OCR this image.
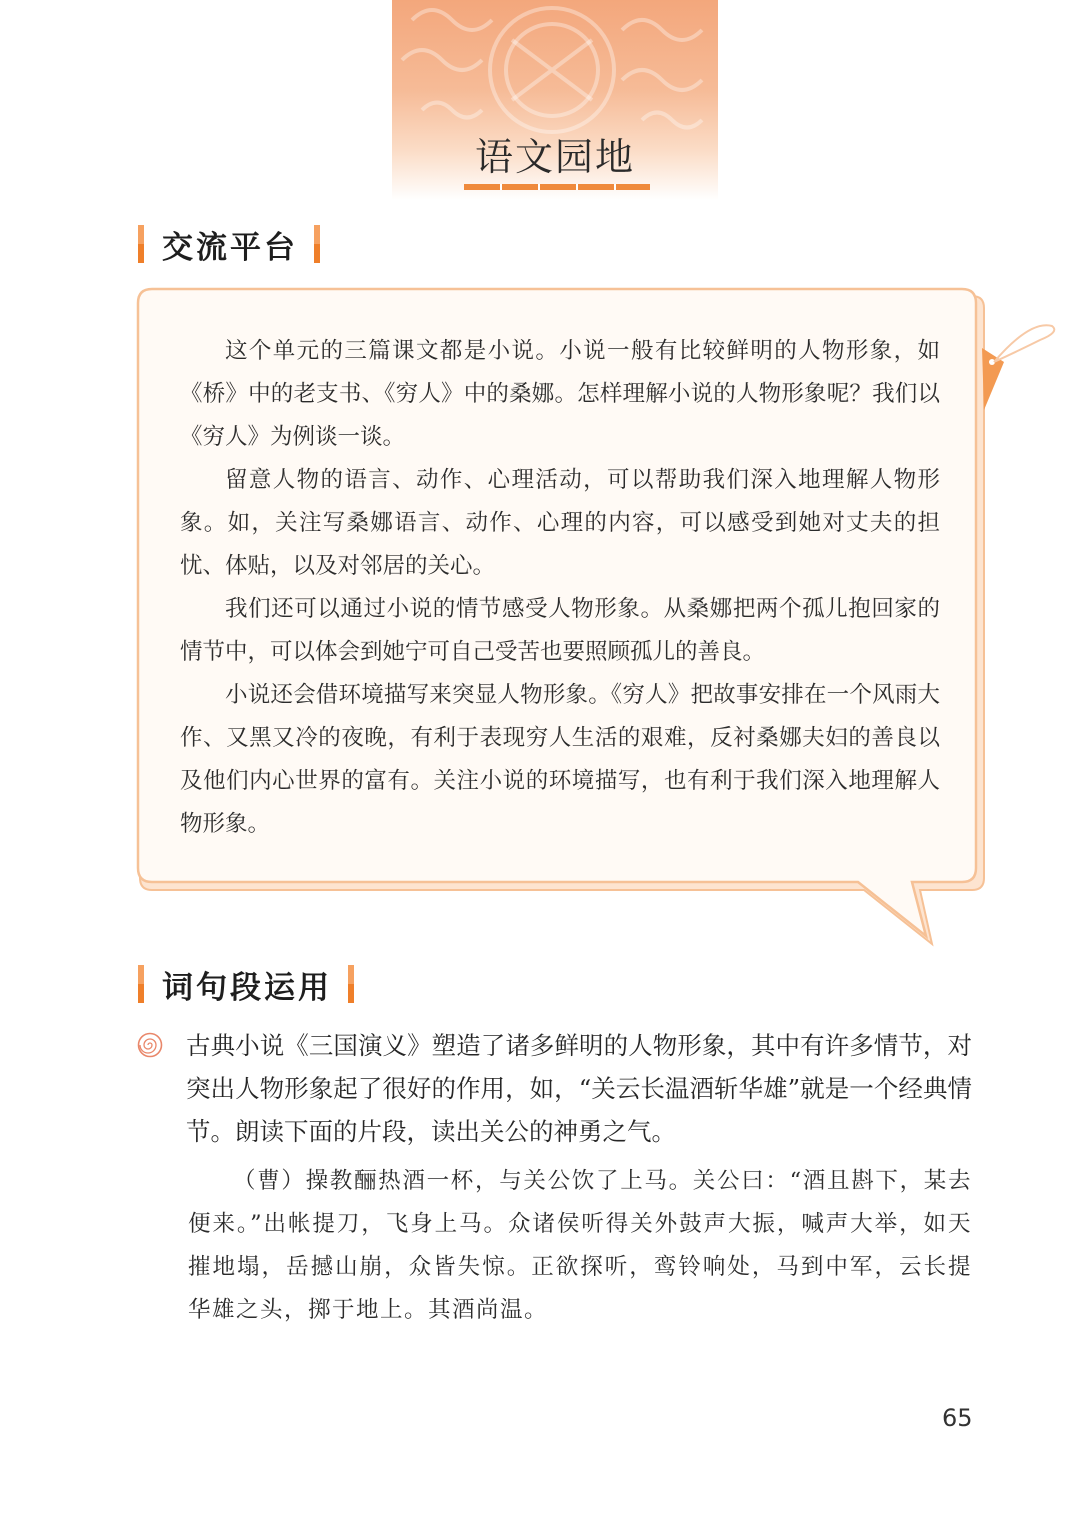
语文园地
交流平台

这个单元的三篇课文都是小说。小说一般有比较鲜明的人物形象，如《桥》中的老支书、《穷人》中的桑娜。怎样理解小说的人物形象呢？我们以《穷人》为例谈一谈。

留意人物的语言、动作、心理活动，可以帮助我们深入地理解人物形象。如，关注写桑娜语言、动作、心理的内容，可以感受到她对丈夫的担忧、体贴，以及对邻居的关心。

我们还可以通过小说的情节感受人物形象。从桑娜把两个孤儿抱回家的情节中，可以体会到她宁可自己受苦也要照顾孤儿的善良。

小说还会借环境描写来突显人物形象。《穷人》把故事安排在一个风雨大作、又黑又冷的夜晚，有利于表现穷人生活的艰难，反衬桑娜夫妇的善良以及他们内心世界的富有。关注小说的环境描写，也有利于我们深入地理解人物形象。

词句段运用
古典小说《三国演义》塑造了诸多鲜明的人物形象，其中有许多情节，对突出人物形象起了很好的作用，如，“关云长温酒斩华雄”就是一个经典情节。朗读下面的片段，读出关公的神勇之气。
（曹）操教酾热酒一杯，与关公饮了上马。关公曰：“酒且斟下，某去便来。”出帐提刀，飞身上马。众诸侯听得关外鼓声大振，喊声大举，如天摧地塌，岳撼山崩，众皆失惊。正欲探听，鸾铃响处，马到中军，云长提华雄之头，掷于地上。其酒尚温。
65
